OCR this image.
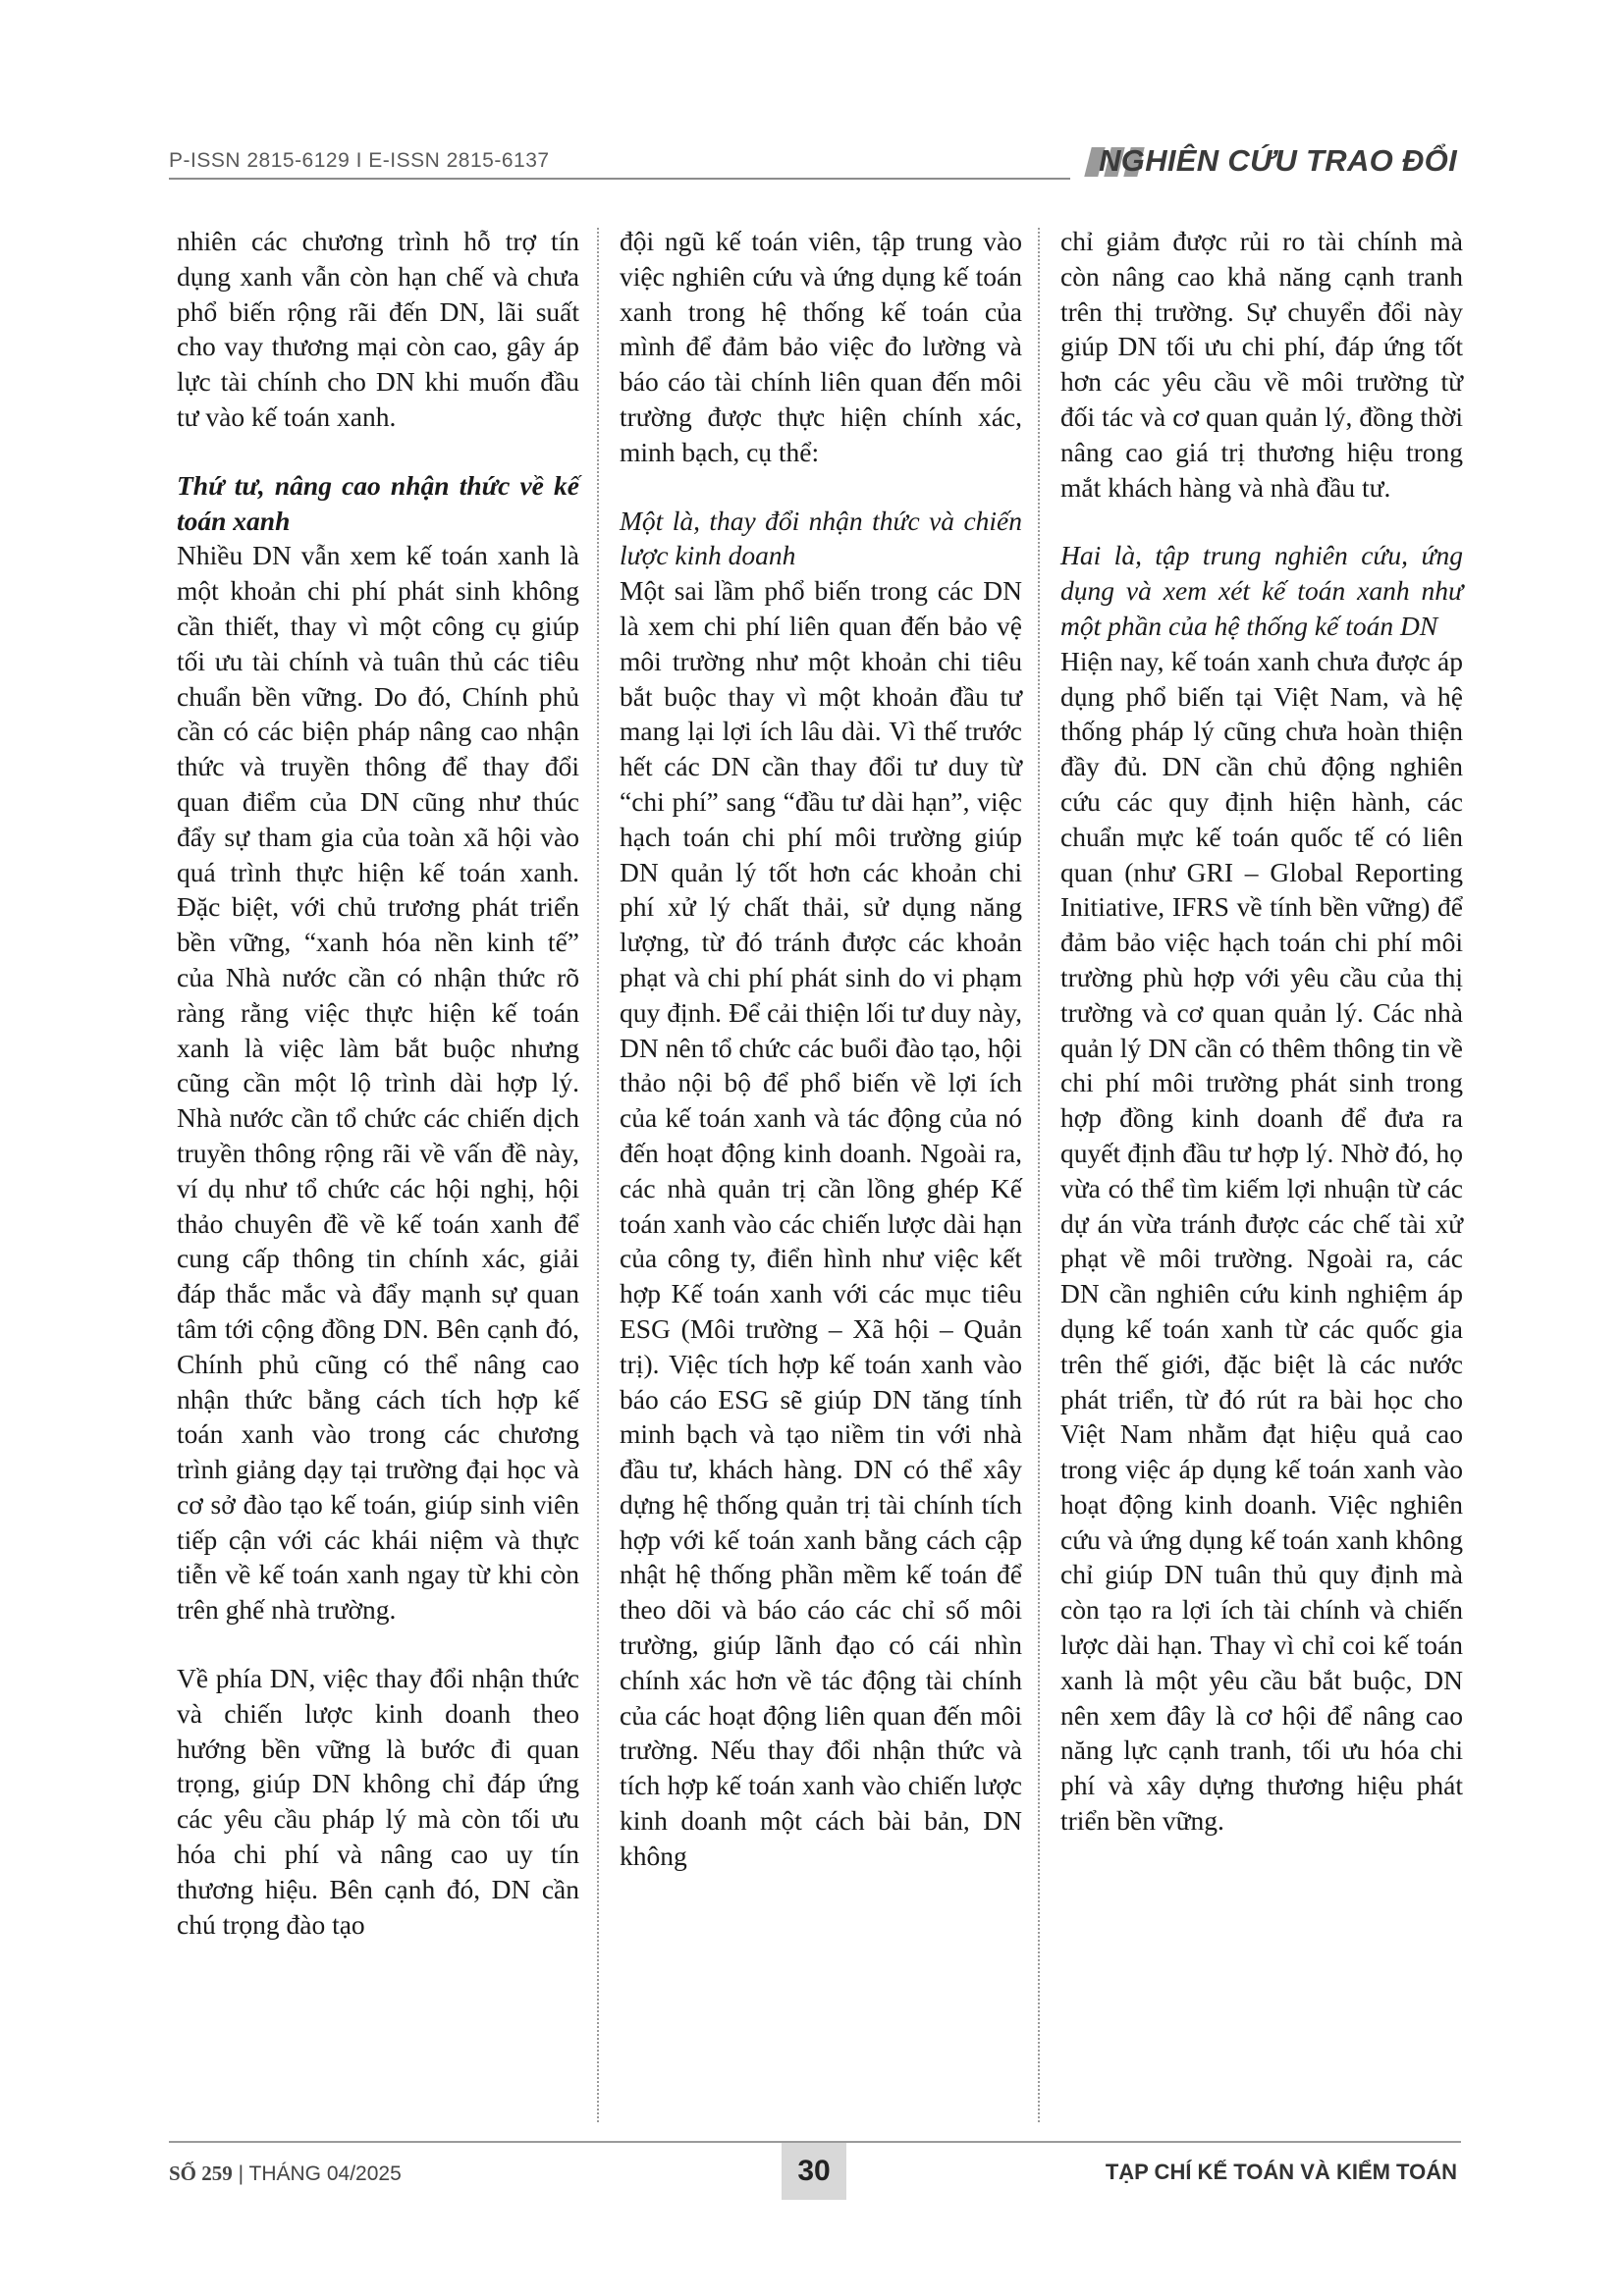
P-ISSN 2815-6129 I E-ISSN 2815-6137	NGHIÊN CỨU TRAO ĐỔI

nhiên các chương trình hỗ trợ tín dụng xanh vẫn còn hạn chế và chưa phổ biến rộng rãi đến DN, lãi suất cho vay thương mại còn cao, gây áp lực tài chính cho DN khi muốn đầu tư vào kế toán xanh.

Thứ tư, nâng cao nhận thức về kế toán xanh

Nhiều DN vẫn xem kế toán xanh là một khoản chi phí phát sinh không cần thiết, thay vì một công cụ giúp tối ưu tài chính và tuân thủ các tiêu chuẩn bền vững. Do đó, Chính phủ cần có các biện pháp nâng cao nhận thức và truyền thông để thay đổi quan điểm của DN cũng như thúc đẩy sự tham gia của toàn xã hội vào quá trình thực hiện kế toán xanh. Đặc biệt, với chủ trương phát triển bền vững, “xanh hóa nền kinh tế” của Nhà nước cần có nhận thức rõ ràng rằng việc thực hiện kế toán xanh là việc làm bắt buộc nhưng cũng cần một lộ trình dài hợp lý. Nhà nước cần tổ chức các chiến dịch truyền thông rộng rãi về vấn đề này, ví dụ như tổ chức các hội nghị, hội thảo chuyên đề về kế toán xanh để cung cấp thông tin chính xác, giải đáp thắc mắc và đẩy mạnh sự quan tâm tới cộng đồng DN. Bên cạnh đó, Chính phủ cũng có thể nâng cao nhận thức bằng cách tích hợp kế toán xanh vào trong các chương trình giảng dạy tại trường đại học và cơ sở đào tạo kế toán, giúp sinh viên tiếp cận với các khái niệm và thực tiễn về kế toán xanh ngay từ khi còn trên ghế nhà trường.

Về phía DN, việc thay đổi nhận thức và chiến lược kinh doanh theo hướng bền vững là bước đi quan trọng, giúp DN không chỉ đáp ứng các yêu cầu pháp lý mà còn tối ưu hóa chi phí và nâng cao uy tín thương hiệu. Bên cạnh đó, DN cần chú trọng đào tạo

đội ngũ kế toán viên, tập trung vào việc nghiên cứu và ứng dụng kế toán xanh trong hệ thống kế toán của mình để đảm bảo việc đo lường và báo cáo tài chính liên quan đến môi trường được thực hiện chính xác, minh bạch, cụ thể:

Một là, thay đổi nhận thức và chiến lược kinh doanh

Một sai lầm phổ biến trong các DN là xem chi phí liên quan đến bảo vệ môi trường như một khoản chi tiêu bắt buộc thay vì một khoản đầu tư mang lại lợi ích lâu dài. Vì thế trước hết các DN cần thay đổi tư duy từ “chi phí” sang “đầu tư dài hạn”, việc hạch toán chi phí môi trường giúp DN quản lý tốt hơn các khoản chi phí xử lý chất thải, sử dụng năng lượng, từ đó tránh được các khoản phạt và chi phí phát sinh do vi phạm quy định. Để cải thiện lối tư duy này, DN nên tổ chức các buổi đào tạo, hội thảo nội bộ để phổ biến về lợi ích của kế toán xanh và tác động của nó đến hoạt động kinh doanh. Ngoài ra, các nhà quản trị cần lồng ghép Kế toán xanh vào các chiến lược dài hạn của công ty, điển hình như việc kết hợp Kế toán xanh với các mục tiêu ESG (Môi trường – Xã hội – Quản trị). Việc tích hợp kế toán xanh vào báo cáo ESG sẽ giúp DN tăng tính minh bạch và tạo niềm tin với nhà đầu tư, khách hàng. DN có thể xây dựng hệ thống quản trị tài chính tích hợp với kế toán xanh bằng cách cập nhật hệ thống phần mềm kế toán để theo dõi và báo cáo các chỉ số môi trường, giúp lãnh đạo có cái nhìn chính xác hơn về tác động tài chính của các hoạt động liên quan đến môi trường. Nếu thay đổi nhận thức và tích hợp kế toán xanh vào chiến lược kinh doanh một cách bài bản, DN không

chỉ giảm được rủi ro tài chính mà còn nâng cao khả năng cạnh tranh trên thị trường. Sự chuyển đổi này giúp DN tối ưu chi phí, đáp ứng tốt hơn các yêu cầu về môi trường từ đối tác và cơ quan quản lý, đồng thời nâng cao giá trị thương hiệu trong mắt khách hàng và nhà đầu tư.

Hai là, tập trung nghiên cứu, ứng dụng và xem xét kế toán xanh như một phần của hệ thống kế toán DN

Hiện nay, kế toán xanh chưa được áp dụng phổ biến tại Việt Nam, và hệ thống pháp lý cũng chưa hoàn thiện đầy đủ. DN cần chủ động nghiên cứu các quy định hiện hành, các chuẩn mực kế toán quốc tế có liên quan (như GRI – Global Reporting Initiative, IFRS về tính bền vững) để đảm bảo việc hạch toán chi phí môi trường phù hợp với yêu cầu của thị trường và cơ quan quản lý. Các nhà quản lý DN cần có thêm thông tin về chi phí môi trường phát sinh trong hợp đồng kinh doanh để đưa ra quyết định đầu tư hợp lý. Nhờ đó, họ vừa có thể tìm kiếm lợi nhuận từ các dự án vừa tránh được các chế tài xử phạt về môi trường. Ngoài ra, các DN cần nghiên cứu kinh nghiệm áp dụng kế toán xanh từ các quốc gia trên thế giới, đặc biệt là các nước phát triển, từ đó rút ra bài học cho Việt Nam nhằm đạt hiệu quả cao trong việc áp dụng kế toán xanh vào hoạt động kinh doanh. Việc nghiên cứu và ứng dụng kế toán xanh không chỉ giúp DN tuân thủ quy định mà còn tạo ra lợi ích tài chính và chiến lược dài hạn. Thay vì chỉ coi kế toán xanh là một yêu cầu bắt buộc, DN nên xem đây là cơ hội để nâng cao năng lực cạnh tranh, tối ưu hóa chi phí và xây dựng thương hiệu phát triển bền vững.

SỐ 259 | THÁNG 04/2025	30	TẠP CHÍ KẾ TOÁN VÀ KIỂM TOÁN
